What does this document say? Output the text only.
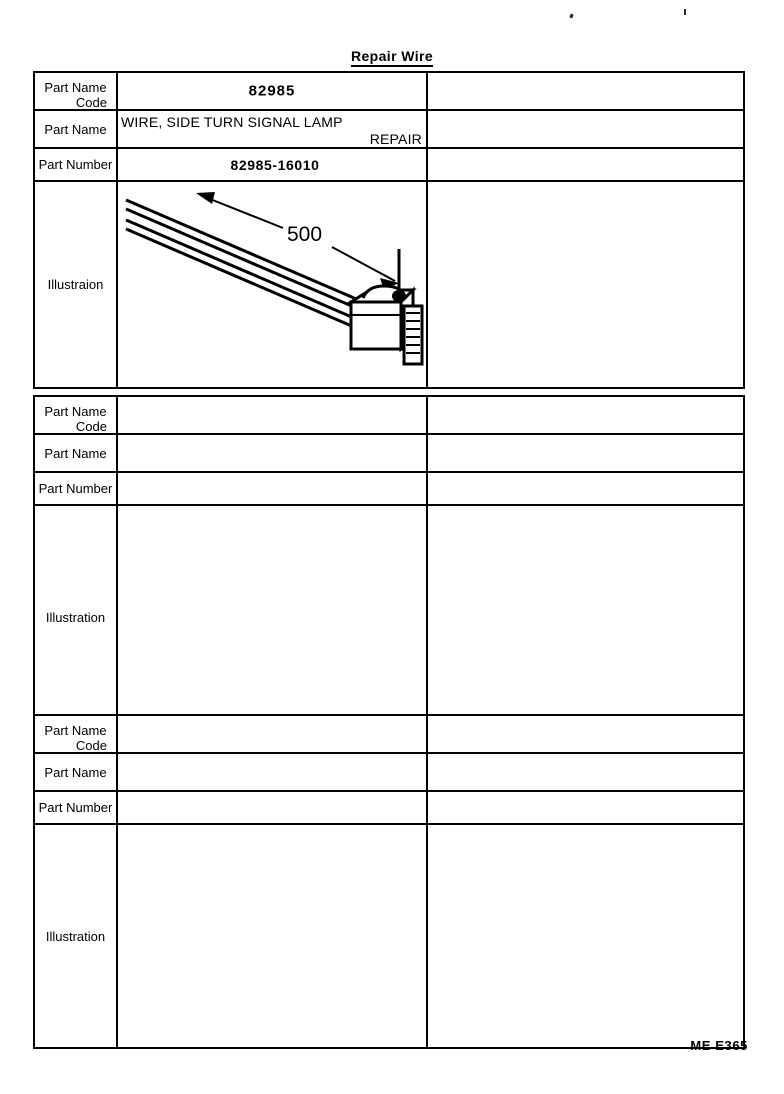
Repair Wire
Part Name
Code
82985
Part Name	WIRE, SIDE TURN SIGNAL LAMP
REPAIR
Part Number	82985-16010
Illustraion
500
Part Name
Code
Part Name
Part Number
Illustration
Part Name
Code
Part Name
Part Number
Illustration
ME E365
